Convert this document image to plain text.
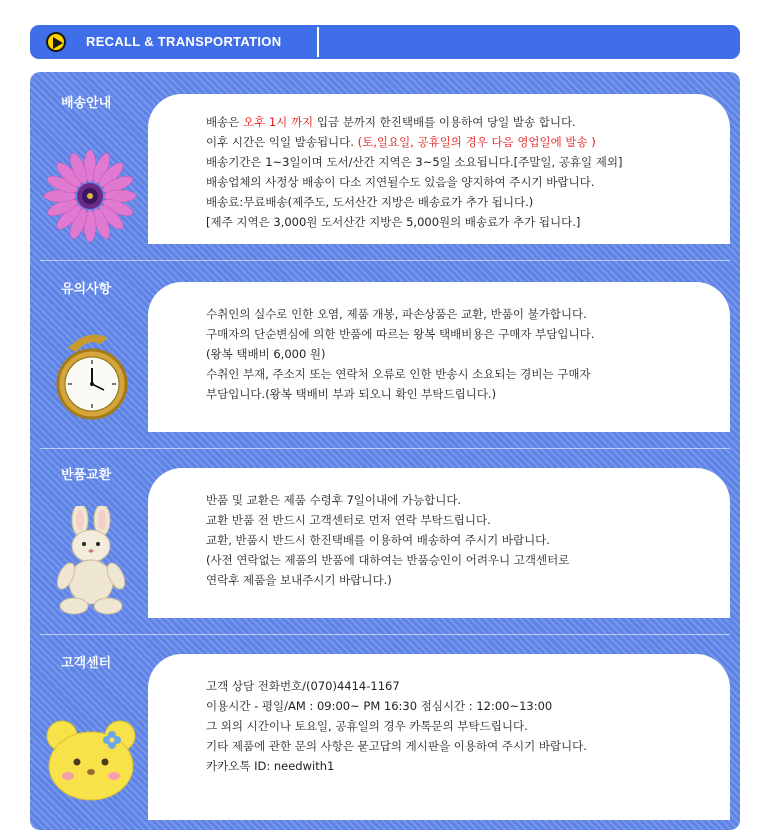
RECALL & TRANSPORTATION
배송안내
배송은 오후 1시 까지 입금 분까지 한진택배를 이용하여 당일 발송 합니다.
이후 시간은 익일 발송됩니다. (토,일요일, 공휴일의 경우 다음 영업일에 발송 )
배송기간은 1~3일이며 도서/산간 지역은 3~5일 소요됩니다.[주말일, 공휴일 제외]
배송업체의 사정상 배송이 다소 지연될수도 있음을 양지하여 주시기 바랍니다.
배송료:무료배송(제주도, 도서산간 지방은 배송료가 추가 됩니다.)
[제주 지역은 3,000원 도서산간 지방은 5,000원의 배송료가 추가 됩니다.]
유의사항
수취인의 실수로 인한 오염, 제품 개봉, 파손상품은 교환, 반품이 불가합니다.
구매자의 단순변심에 의한 반품에 따르는 왕복 택배비용은 구매자 부담입니다.
(왕복 택배비 6,000 원)
수취인 부재, 주소지 또는 연락처 오류로 인한 반송시 소요되는 경비는 구매자
부담입니다.(왕복 택배비 부과 되오니 확인 부탁드립니다.)
반품교환
반품 및 교환은 제품 수령후 7일이내에 가능합니다.
교환 반품 전 반드시 고객센터로 먼저 연락 부탁드립니다.
교환, 반품시 반드시 한진택배를 이용하여 배송하여 주시기 바랍니다.
(사전 연락없는 제품의 반품에 대하여는 반품승인이 어려우니 고객센터로
연락후 제품을 보내주시기 바랍니다.)
고객센터
고객 상담 전화번호/(070)4414-1167
이용시간 - 평일/AM : 09:00~ PM 16:30 점심시간 : 12:00~13:00
그 외의 시간이나 토요일, 공휴일의 경우 카톡문의 부탁드립니다.
기타 제품에 관한 문의 사항은 묻고답의 게시판을 이용하여 주시기 바랍니다.
카카오톡 ID: needwith1
